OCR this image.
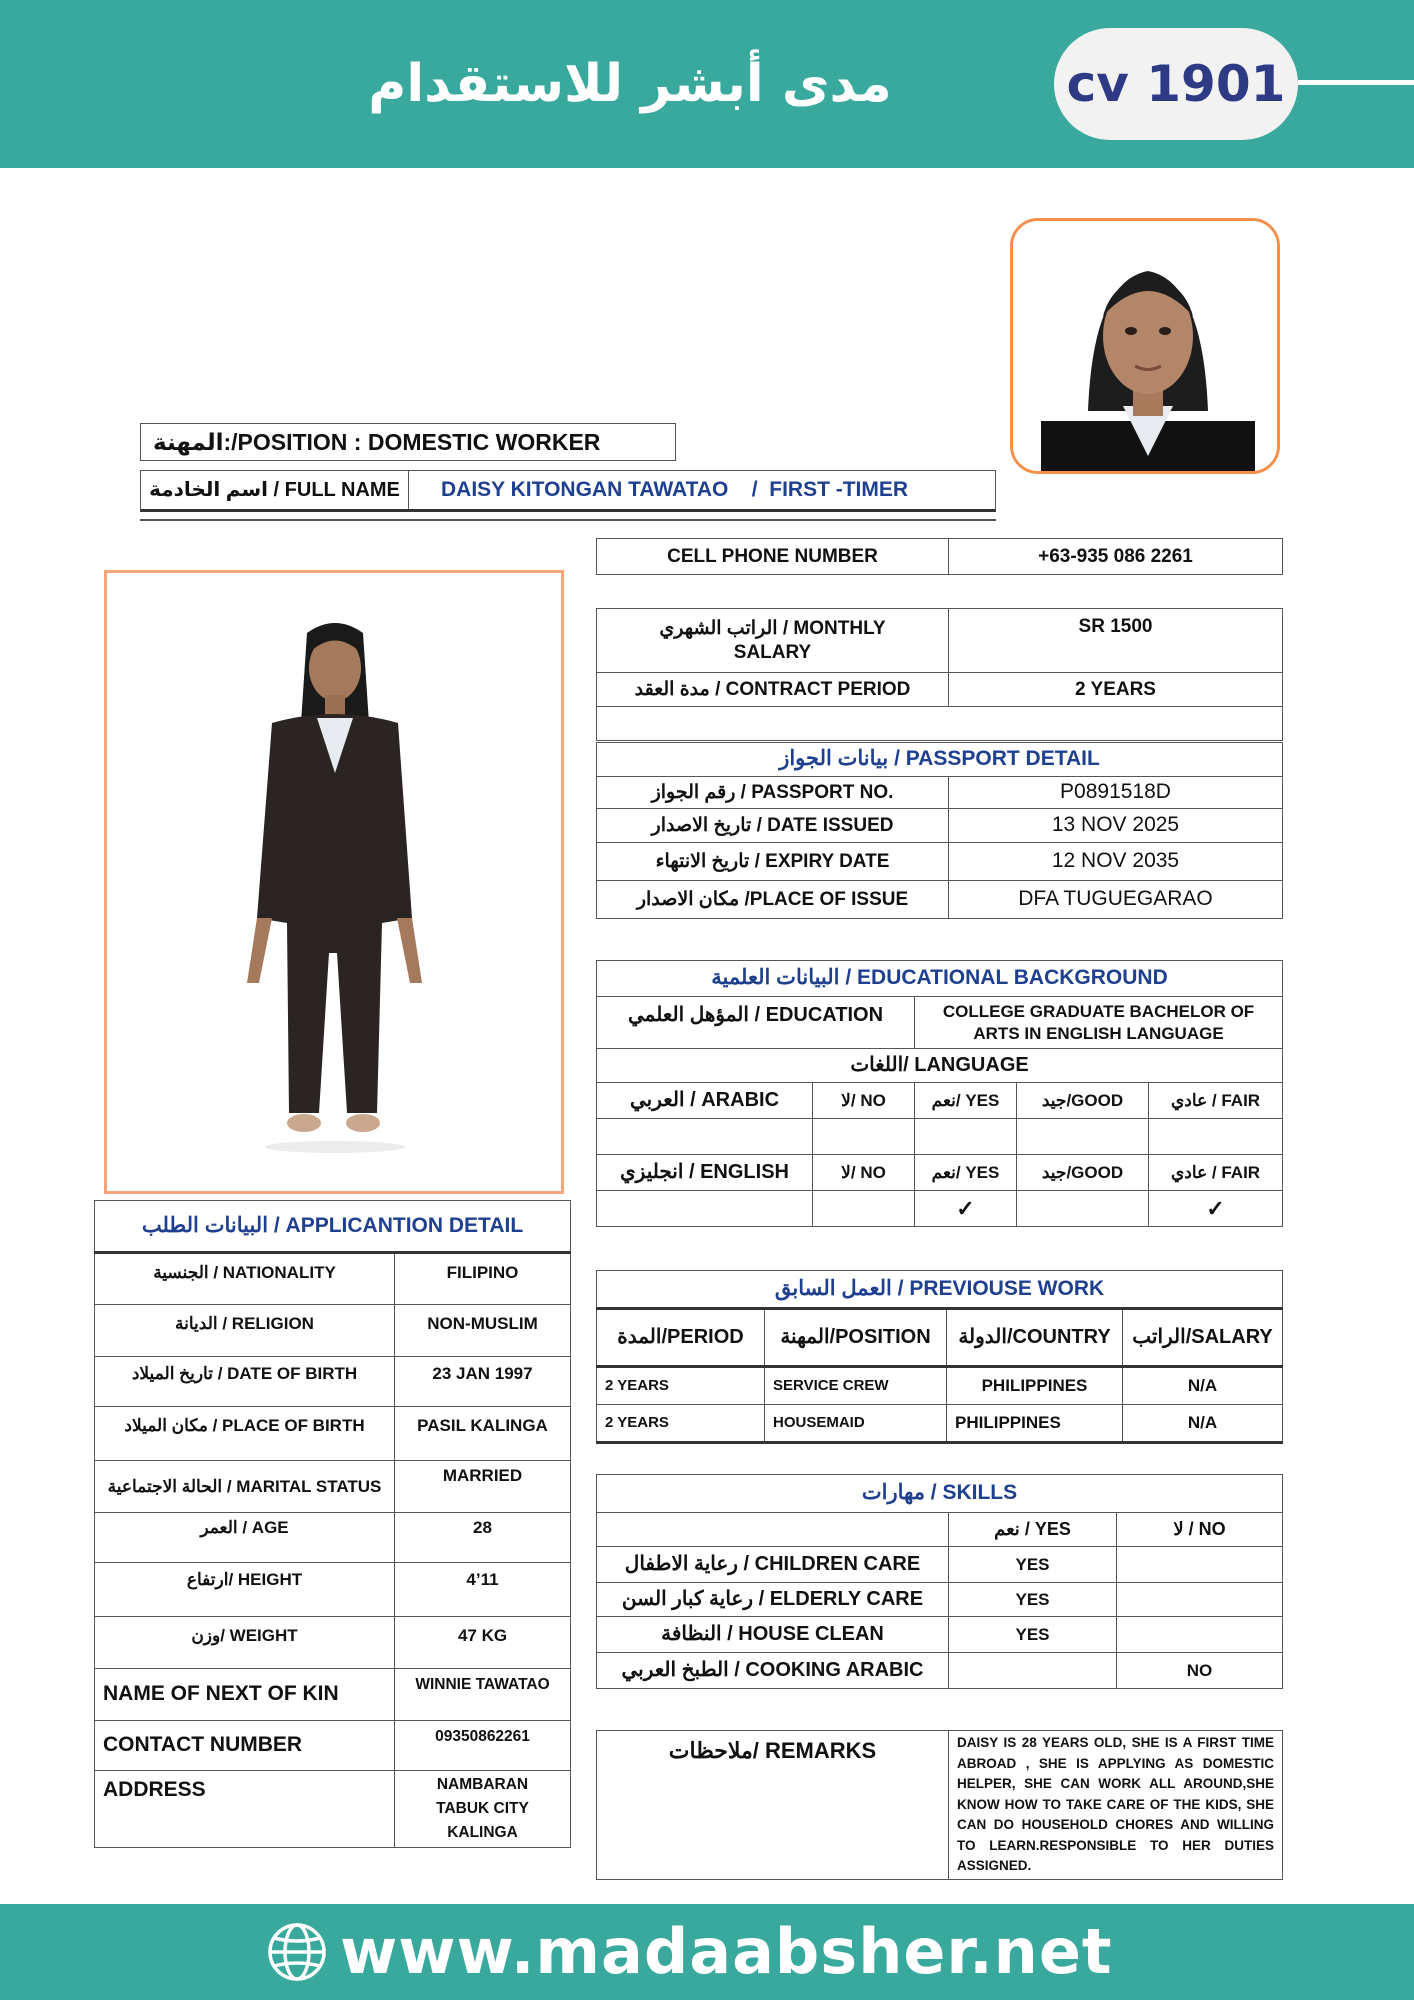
مدى أبشر للاستقدام	cv 1901
المهنة:/POSITION : DOMESTIC WORKER
اسم الخادمة / FULL NAME	DAISY KITONGAN TAWATAO    /  FIRST -TIMER
CELL PHONE NUMBER	+63-935 086 2261
الراتب الشهري / MONTHLY
SALARY	SR 1500
مدة العقد / CONTRACT PERIOD	2 YEARS

بيانات الجواز / PASSPORT DETAIL	
رقم الجواز / PASSPORT NO.	P0891518D
تاريخ الاصدار / DATE ISSUED	13 NOV 2025
تاريخ الانتهاء / EXPIRY DATE	12 NOV 2035
مكان الاصدار /PLACE OF ISSUE	DFA TUGUEGARAO
البيانات العلمية / EDUCATIONAL BACKGROUND				
المؤهل العلمي / EDUCATION		COLLEGE GRADUATE BACHELOR OF ARTS IN ENGLISH LANGUAGE		
اللغات/ LANGUAGE				
العربي / ARABIC	لا/ NO	نعم/ YES	جيد/GOOD	عادي / FAIR

انجليزي / ENGLISH	لا/ NO	نعم/ YES	جيد/GOOD	عادي / FAIR
		✓		✓
البيانات الطلب / APPLICANTION DETAIL	
الجنسية / NATIONALITY	FILIPINO
الديانة / RELIGION	NON-MUSLIM
تاريخ الميلاد / DATE OF BIRTH	23 JAN 1997
مكان الميلاد / PLACE OF BIRTH	PASIL KALINGA
الحالة الاجتماعية / MARITAL STATUS	MARRIED
العمر / AGE	28
ارتفاع/ HEIGHT	4’11
وزن/ WEIGHT	47 KG
NAME OF NEXT OF KIN	WINNIE TAWATAO
CONTACT NUMBER	09350862261
ADDRESS	NAMBARAN TABUK CITY KALINGA
العمل السابق / PREVIOUSE WORK			
المدة/PERIOD	المهنة/POSITION	الدولة/COUNTRY	الراتب/SALARY
2 YEARS	SERVICE CREW	PHILIPPINES	N/A
2 YEARS	HOUSEMAID	PHILIPPINES	N/A
مهارات / SKILLS		
	نعم / YES	لا / NO
رعاية الاطفال / CHILDREN CARE	YES	
رعاية كبار السن / ELDERLY CARE	YES	
النظافة / HOUSE CLEAN	YES	
الطبخ العربي / COOKING ARABIC		NO
ملاحظات/ REMARKS	DAISY IS 28 YEARS OLD, SHE IS A FIRST TIME ABROAD , SHE IS APPLYING AS DOMESTIC HELPER, SHE CAN WORK ALL AROUND,SHE KNOW HOW TO TAKE CARE OF THE KIDS, SHE CAN DO HOUSEHOLD CHORES AND WILLING TO LEARN.RESPONSIBLE TO HER DUTIES ASSIGNED.
www.madaabsher.net
